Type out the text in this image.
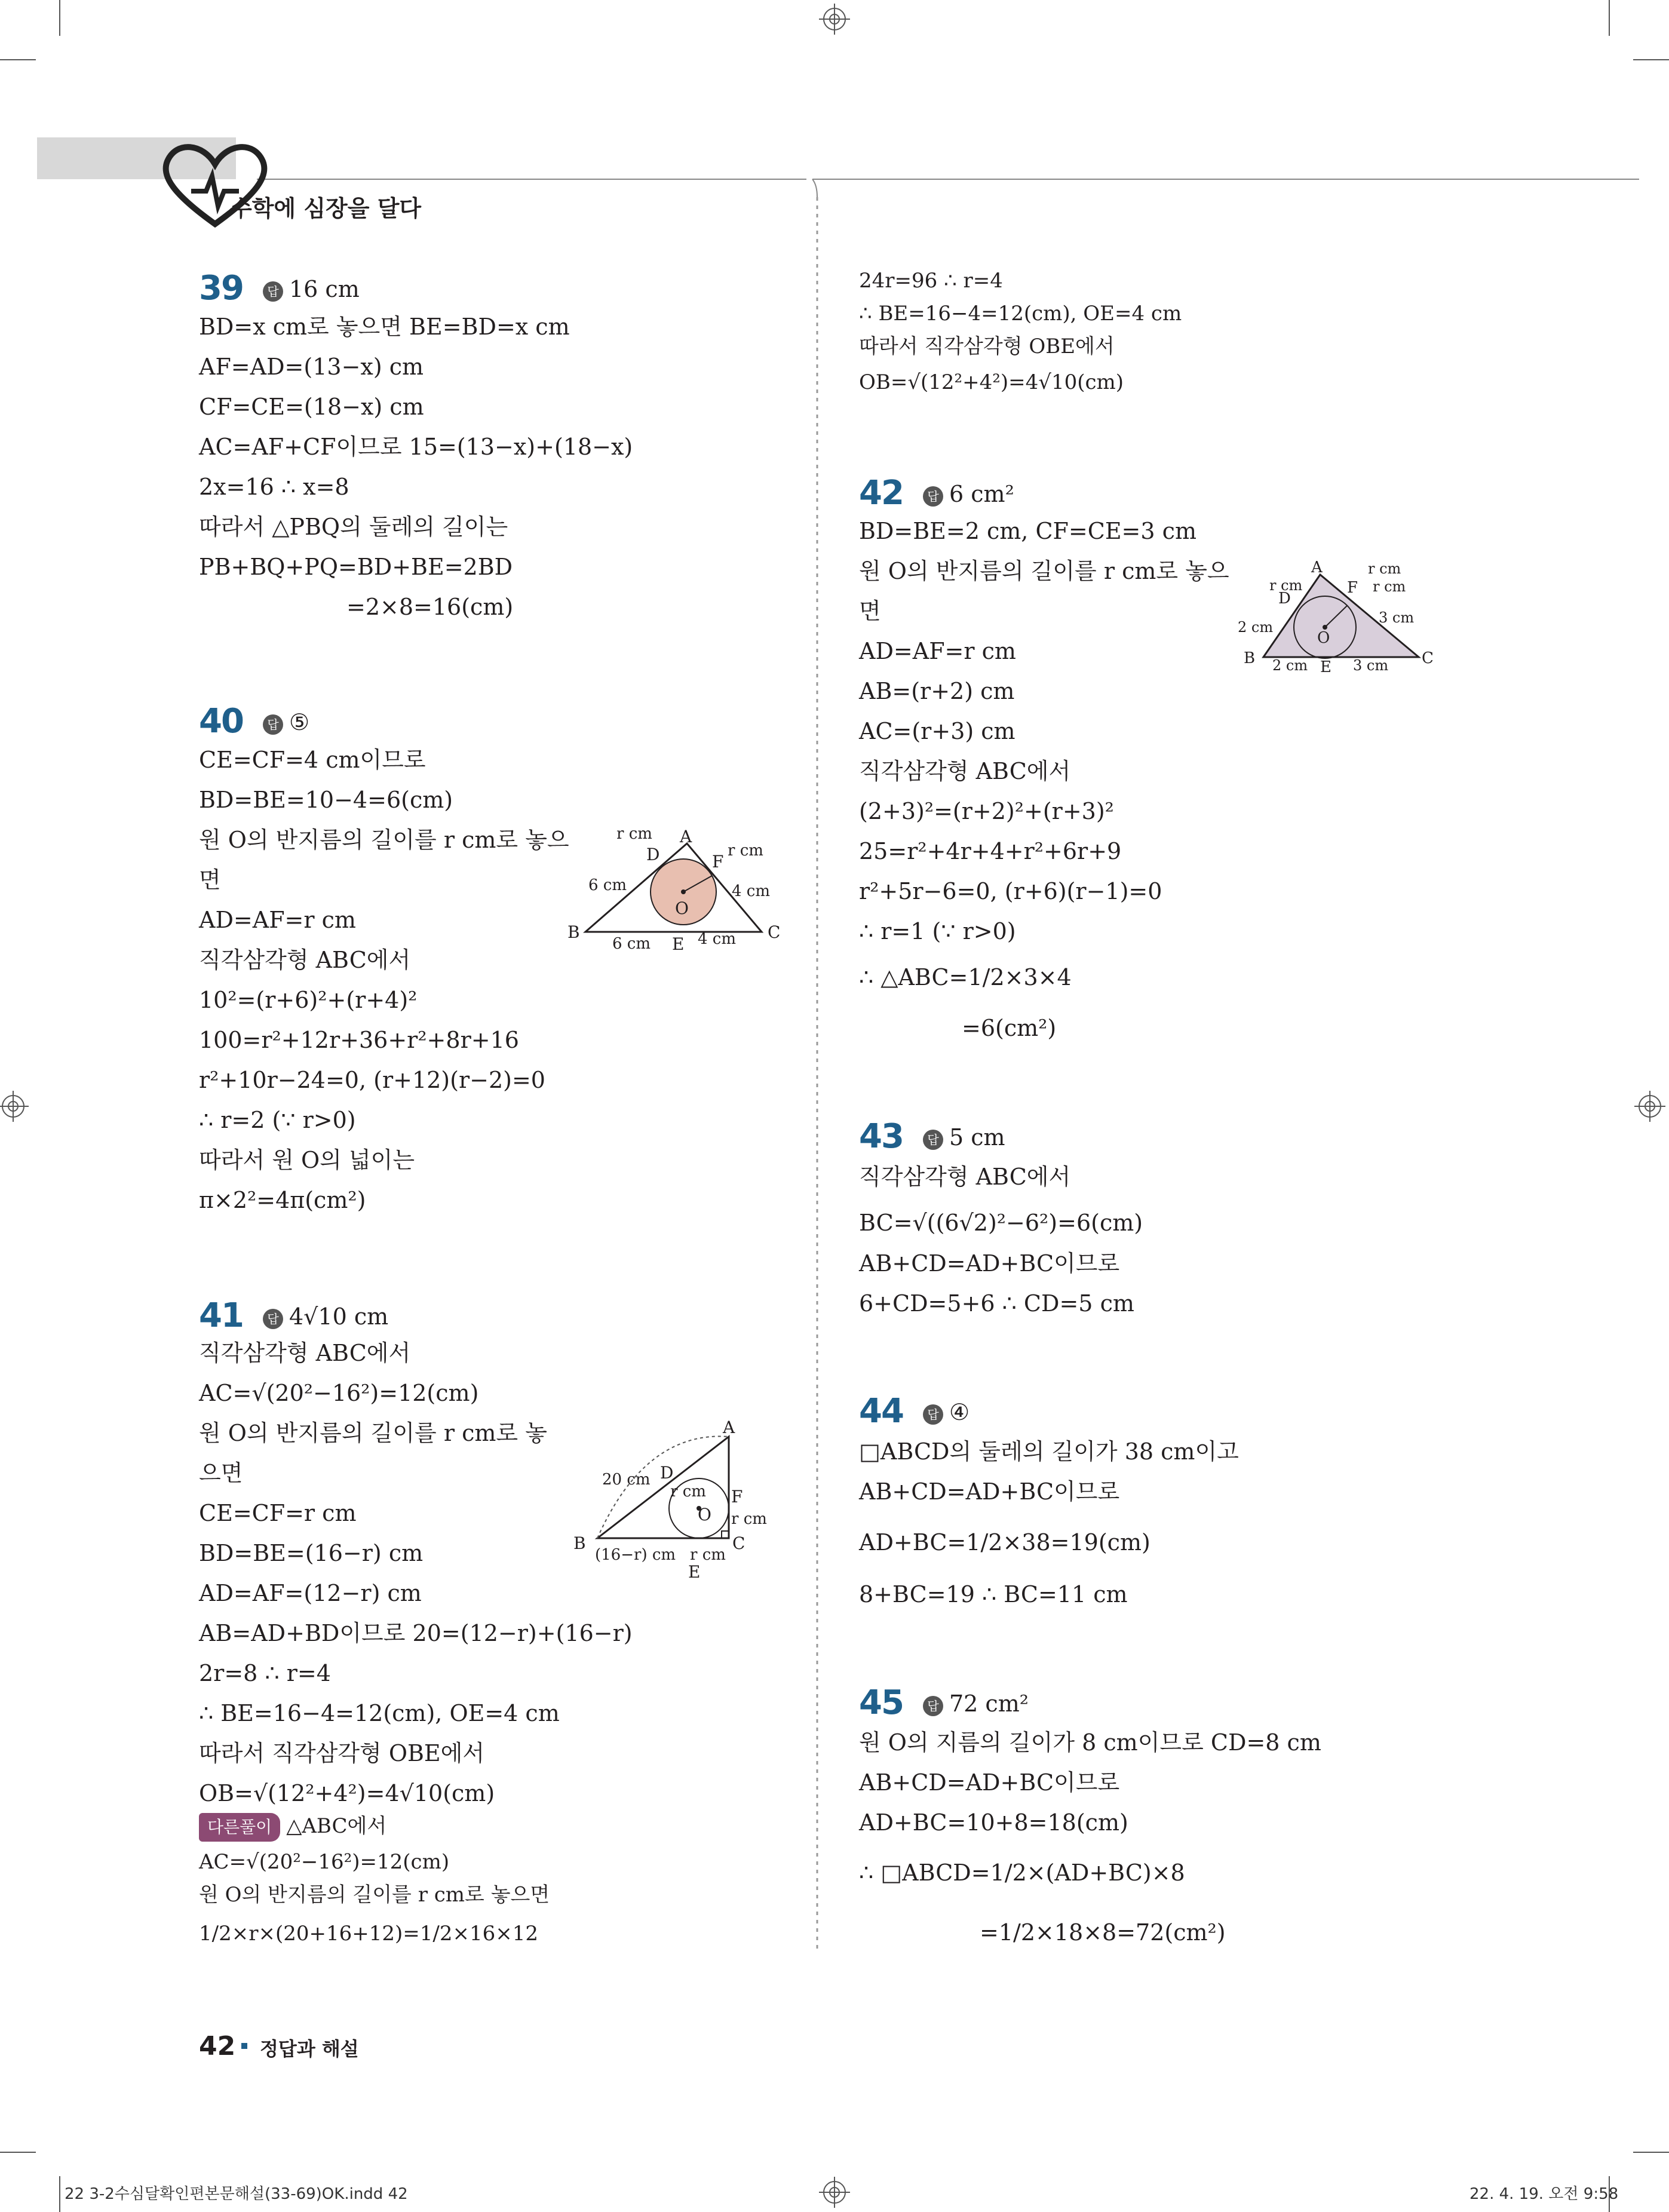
수학에 심장을 달다
39	답 16 cm
BD=x cm로 놓으면 BE=BD=x cm
AF=AD=(13−x) cm
CF=CE=(18−x) cm
AC=AF+CF이므로 15=(13−x)+(18−x)
2x=16 ∴ x=8
따라서 △PBQ의 둘레의 길이는
PB+BQ+PQ=BD+BE=2BD
=2×8=16(cm)
40	답 ⑤
CE=CF=4 cm이므로
BD=BE=10−4=6(cm)
원 O의 반지름의 길이를 r cm로 놓으
면
AD=AF=r cm
직각삼각형 ABC에서
10²=(r+6)²+(r+4)²
100=r²+12r+36+r²+8r+16
r²+10r−24=0, (r+12)(r−2)=0
∴ r=2 (∵ r>0)
따라서 원 O의 넓이는
π×2²=4π(cm²)
A
B	C
D
E
F
O
r cm
r cm
6 cm
6 cm
4 cm
4 cm
41	답 4√10 cm
직각삼각형 ABC에서
AC=√(20²−16²)=12(cm)
원 O의 반지름의 길이를 r cm로 놓
으면
CE=CF=r cm
BD=BE=(16−r) cm
AD=AF=(12−r) cm
AB=AD+BD이므로 20=(12−r)+(16−r)
2r=8 ∴ r=4
∴ BE=16−4=12(cm), OE=4 cm
따라서 직각삼각형 OBE에서
OB=√(12²+4²)=4√10(cm)
다른풀이 △ABC에서
AC=√(20²−16²)=12(cm)
원 O의 반지름의 길이를 r cm로 놓으면
1/2×r×(20+16+12)=1/2×16×12
A
B	C
D
E
F
O
20 cm
r cm
r cm
r cm
(16−r) cm
24r=96 ∴ r=4
∴ BE=16−4=12(cm), OE=4 cm
따라서 직각삼각형 OBE에서
OB=√(12²+4²)=4√10(cm)
42	답 6 cm²
BD=BE=2 cm, CF=CE=3 cm
원 O의 반지름의 길이를 r cm로 놓으
면
AD=AF=r cm
AB=(r+2) cm
AC=(r+3) cm
직각삼각형 ABC에서
(2+3)²=(r+2)²+(r+3)²
25=r²+4r+4+r²+6r+9
r²+5r−6=0, (r+6)(r−1)=0
∴ r=1 (∵ r>0)
∴ △ABC=1/2×3×4
=6(cm²)
A
B	C
D
E
F
O
r cm
r cm
r cm
2 cm
2 cm
3 cm
3 cm
43	답 5 cm
직각삼각형 ABC에서
BC=√((6√2)²−6²)=6(cm)
AB+CD=AD+BC이므로
6+CD=5+6 ∴ CD=5 cm
44	답 ④
□ABCD의 둘레의 길이가 38 cm이고
AB+CD=AD+BC이므로
AD+BC=1/2×38=19(cm)
8+BC=19 ∴ BC=11 cm
45	답 72 cm²
원 O의 지름의 길이가 8 cm이므로 CD=8 cm
AB+CD=AD+BC이므로
AD+BC=10+8=18(cm)
∴ □ABCD=1/2×(AD+BC)×8
=1/2×18×8=72(cm²)
42 정답과 해설
22 3-2수심달확인편본문해설(33-69)OK.indd 42	22. 4. 19. 오전 9:58
